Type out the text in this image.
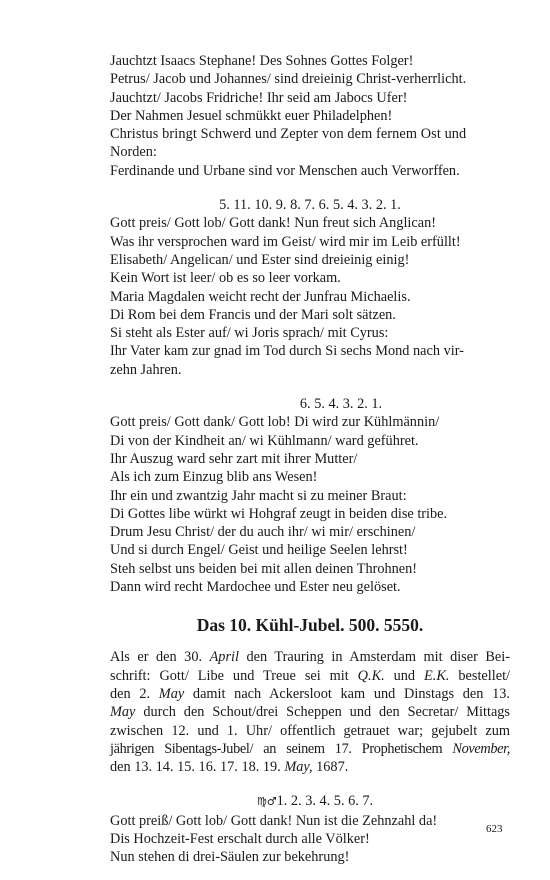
Jauchtzt Isaacs Stephane! Des Sohnes Gottes Folger!
Petrus/ Jacob und Johannes/ sind dreieinig Christ-verherrlicht.
Jauchtzt/ Jacobs Fridriche! Ihr seid am Jabocs Ufer!
Der Nahmen Jesuel schmükkt euer Philadelphen!
Christus bringt Schwerd und Zepter von dem fernem Ost und
Norden:
Ferdinande und Urbane sind vor Menschen auch Verworffen.
5. 11. 10. 9. 8. 7. 6. 5. 4. 3. 2. 1.
Gott preis/ Gott lob/ Gott dank! Nun freut sich Anglican!
Was ihr versprochen ward im Geist/ wird mir im Leib erfüllt!
Elisabeth/ Angelican/ und Ester sind dreieinig einig!
Kein Wort ist leer/ ob es so leer vorkam.
Maria Magdalen weicht recht der Junfrau Michaelis.
Di Rom bei dem Francis und der Mari solt sätzen.
Si steht als Ester auf/ wi Joris sprach/ mit Cyrus:
Ihr Vater kam zur gnad im Tod durch Si sechs Mond nach vir-
zehn Jahren.
6. 5. 4. 3. 2. 1.
Gott preis/ Gott dank/ Gott lob! Di wird zur Kühlmännin/
Di von der Kindheit an/ wi Kühlmann/ ward geführet.
Ihr Auszug ward sehr zart mit ihrer Mutter/
Als ich zum Einzug blib ans Wesen!
Ihr ein und zwantzig Jahr macht si zu meiner Braut:
Di Gottes libe würkt wi Hohgraf zeugt in beiden dise tribe.
Drum Jesu Christ/ der du auch ihr/ wi mir/ erschinen/
Und si durch Engel/ Geist und heilige Seelen lehrst!
Steh selbst uns beiden bei mit allen deinen Throhnen!
Dann wird recht Mardochee und Ester neu gelöset.
Das 10. Kühl-Jubel. 500. 5550.
Als er den 30. April den Trauring in Amsterdam mit diser Bei-
schrift: Gott/ Libe und Treue sei mit Q.K. und E.K. bestellet/
den 2. May damit nach Ackersloot kam und Dinstags den 13.
May durch den Schout/drei Scheppen und den Secretar/ Mittags
zwischen 12. und 1. Uhr/ offentlich getrauet war; gejubelt zum
jährigen Sibentags-Jubel/ an seinem 17. Prophetischem November,
den 13. 14. 15. 16. 17. 18. 19. May, 1687.
♍♂1. 2. 3. 4. 5. 6. 7.
Gott preiß/ Gott lob/ Gott dank! Nun ist die Zehnzahl da!
Dis Hochzeit-Fest erschalt durch alle Völker!
Nun stehen di drei-Säulen zur bekehrung!
623
